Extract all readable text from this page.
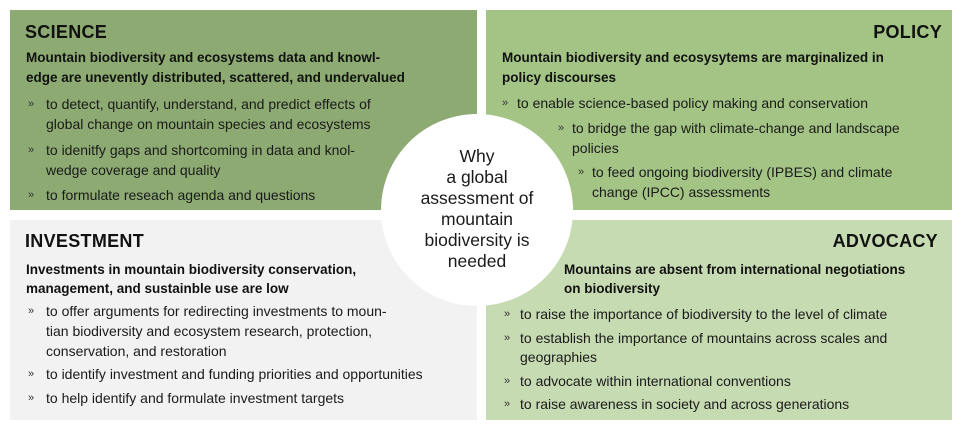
SCIENCE
Mountain biodiversity and ecosystems data and knowl-
edge are unevently distributed, scattered, and undervalued
» to detect, quantify, understand, and predict effects of
global change on mountain species and ecosystems
» to idenitfy gaps and shortcoming in data and knol-
wedge coverage and quality
» to formulate reseach agenda and questions
POLICY
Mountain biodiversity and ecosysytems are marginalized in
policy discourses
» to enable science-based policy making and conservation
» to bridge the gap with climate-change and landscape
policies
» to feed ongoing biodiversity (IPBES) and climate
change (IPCC) assessments
INVESTMENT
Investments in mountain biodiversity conservation,
management, and sustainble use are low
» to offer arguments for redirecting investments to moun-
tian biodiversity and ecosystem research, protection,
conservation, and restoration
» to identify investment and funding priorities and opportunities
» to help identify and formulate investment targets
ADVOCACY
Mountains are absent from international negotiations
on biodiversity
» to raise the importance of biodiversity to the level of climate
» to establish the importance of mountains across scales and
geographies
» to advocate within international conventions
» to raise awareness in society and across generations
Why
a global
assessment of
mountain
biodiversity is
needed
